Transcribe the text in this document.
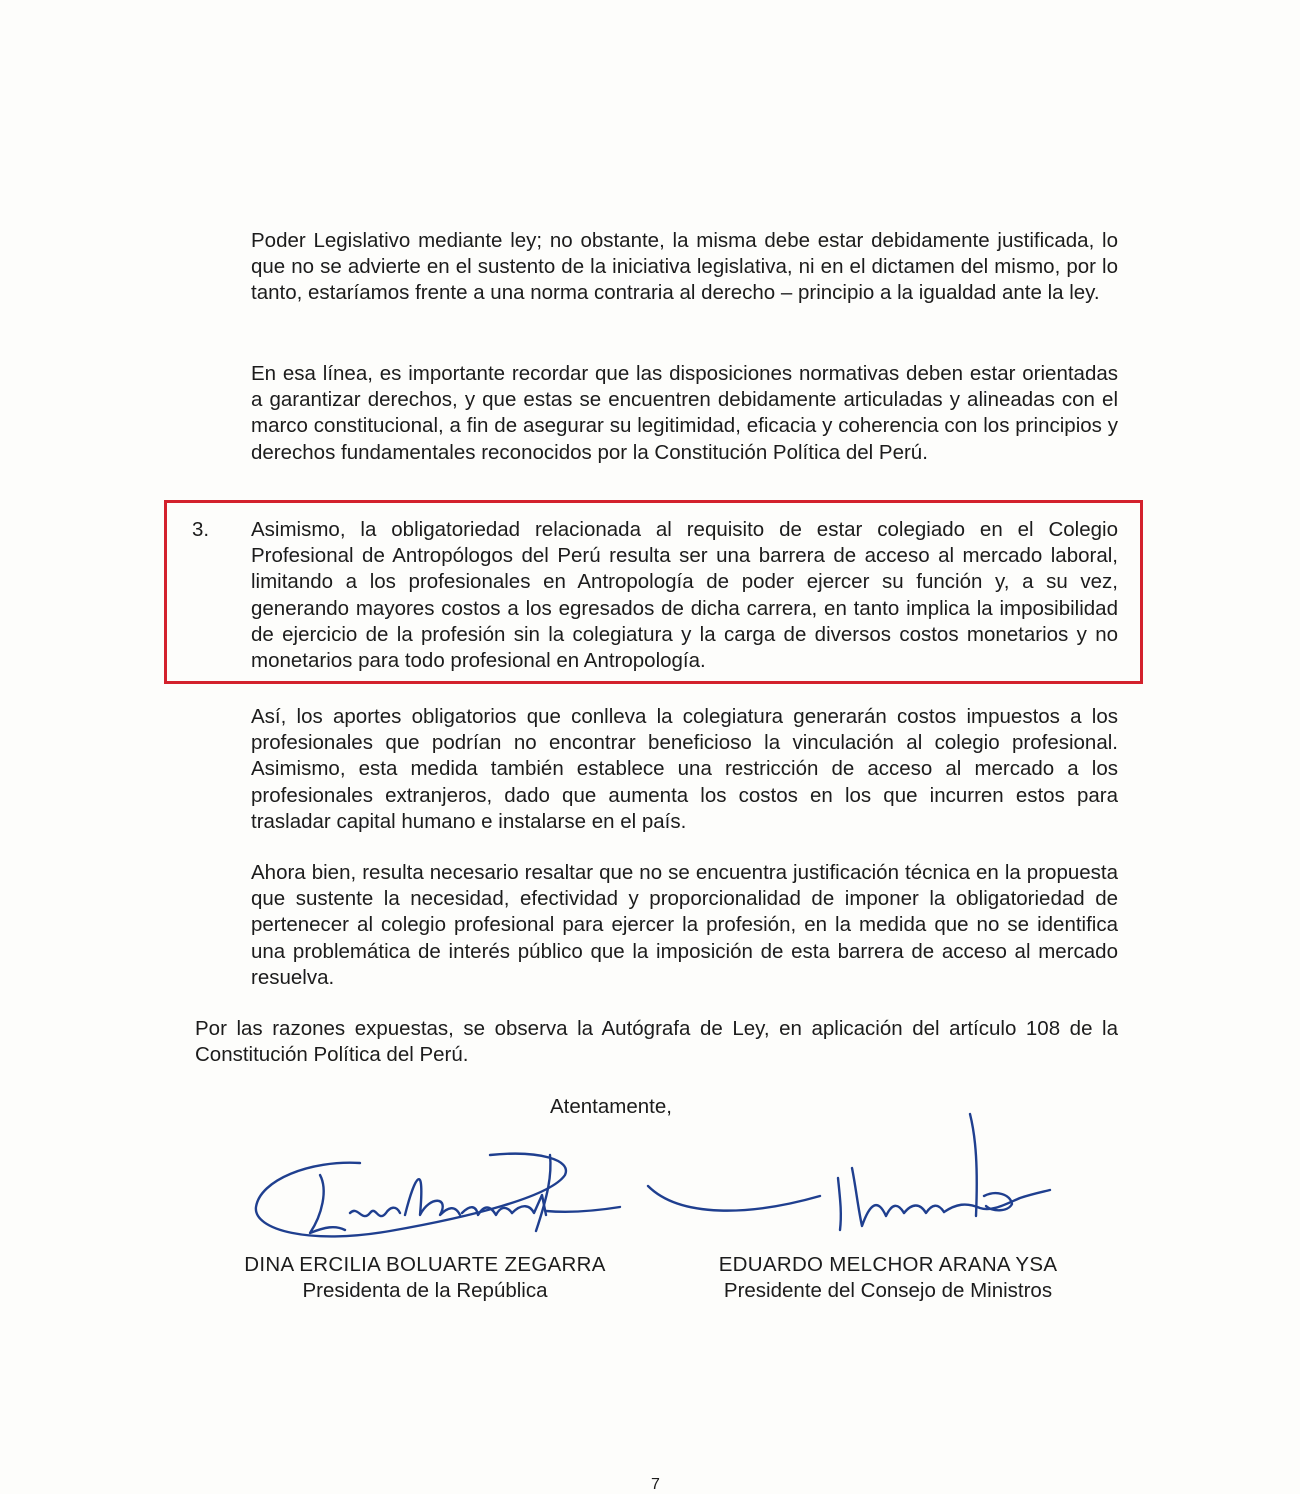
Poder Legislativo mediante ley; no obstante, la misma debe estar debidamente justificada, lo que no se advierte en el sustento de la iniciativa legislativa, ni en el dictamen del mismo, por lo tanto, estaríamos frente a una norma contraria al derecho – principio a la igualdad ante la ley.

En esa línea, es importante recordar que las disposiciones normativas deben estar orientadas a garantizar derechos, y que estas se encuentren debidamente articuladas y alineadas con el marco constitucional, a fin de asegurar su legitimidad, eficacia y coherencia con los principios y derechos fundamentales reconocidos por la Constitución Política del Perú.

3. Asimismo, la obligatoriedad relacionada al requisito de estar colegiado en el Colegio Profesional de Antropólogos del Perú resulta ser una barrera de acceso al mercado laboral, limitando a los profesionales en Antropología de poder ejercer su función y, a su vez, generando mayores costos a los egresados de dicha carrera, en tanto implica la imposibilidad de ejercicio de la profesión sin la colegiatura y la carga de diversos costos monetarios y no monetarios para todo profesional en Antropología.

Así, los aportes obligatorios que conlleva la colegiatura generarán costos impuestos a los profesionales que podrían no encontrar beneficioso la vinculación al colegio profesional. Asimismo, esta medida también establece una restricción de acceso al mercado a los profesionales extranjeros, dado que aumenta los costos en los que incurren estos para trasladar capital humano e instalarse en el país.

Ahora bien, resulta necesario resaltar que no se encuentra justificación técnica en la propuesta que sustente la necesidad, efectividad y proporcionalidad de imponer la obligatoriedad de pertenecer al colegio profesional para ejercer la profesión, en la medida que no se identifica una problemática de interés público que la imposición de esta barrera de acceso al mercado resuelva.

Por las razones expuestas, se observa la Autógrafa de Ley, en aplicación del artículo 108 de la Constitución Política del Perú.

Atentamente,
DINA ERCILIA BOLUARTE ZEGARRA
Presidenta de la República
EDUARDO MELCHOR ARANA YSA
Presidente del Consejo de Ministros
7
